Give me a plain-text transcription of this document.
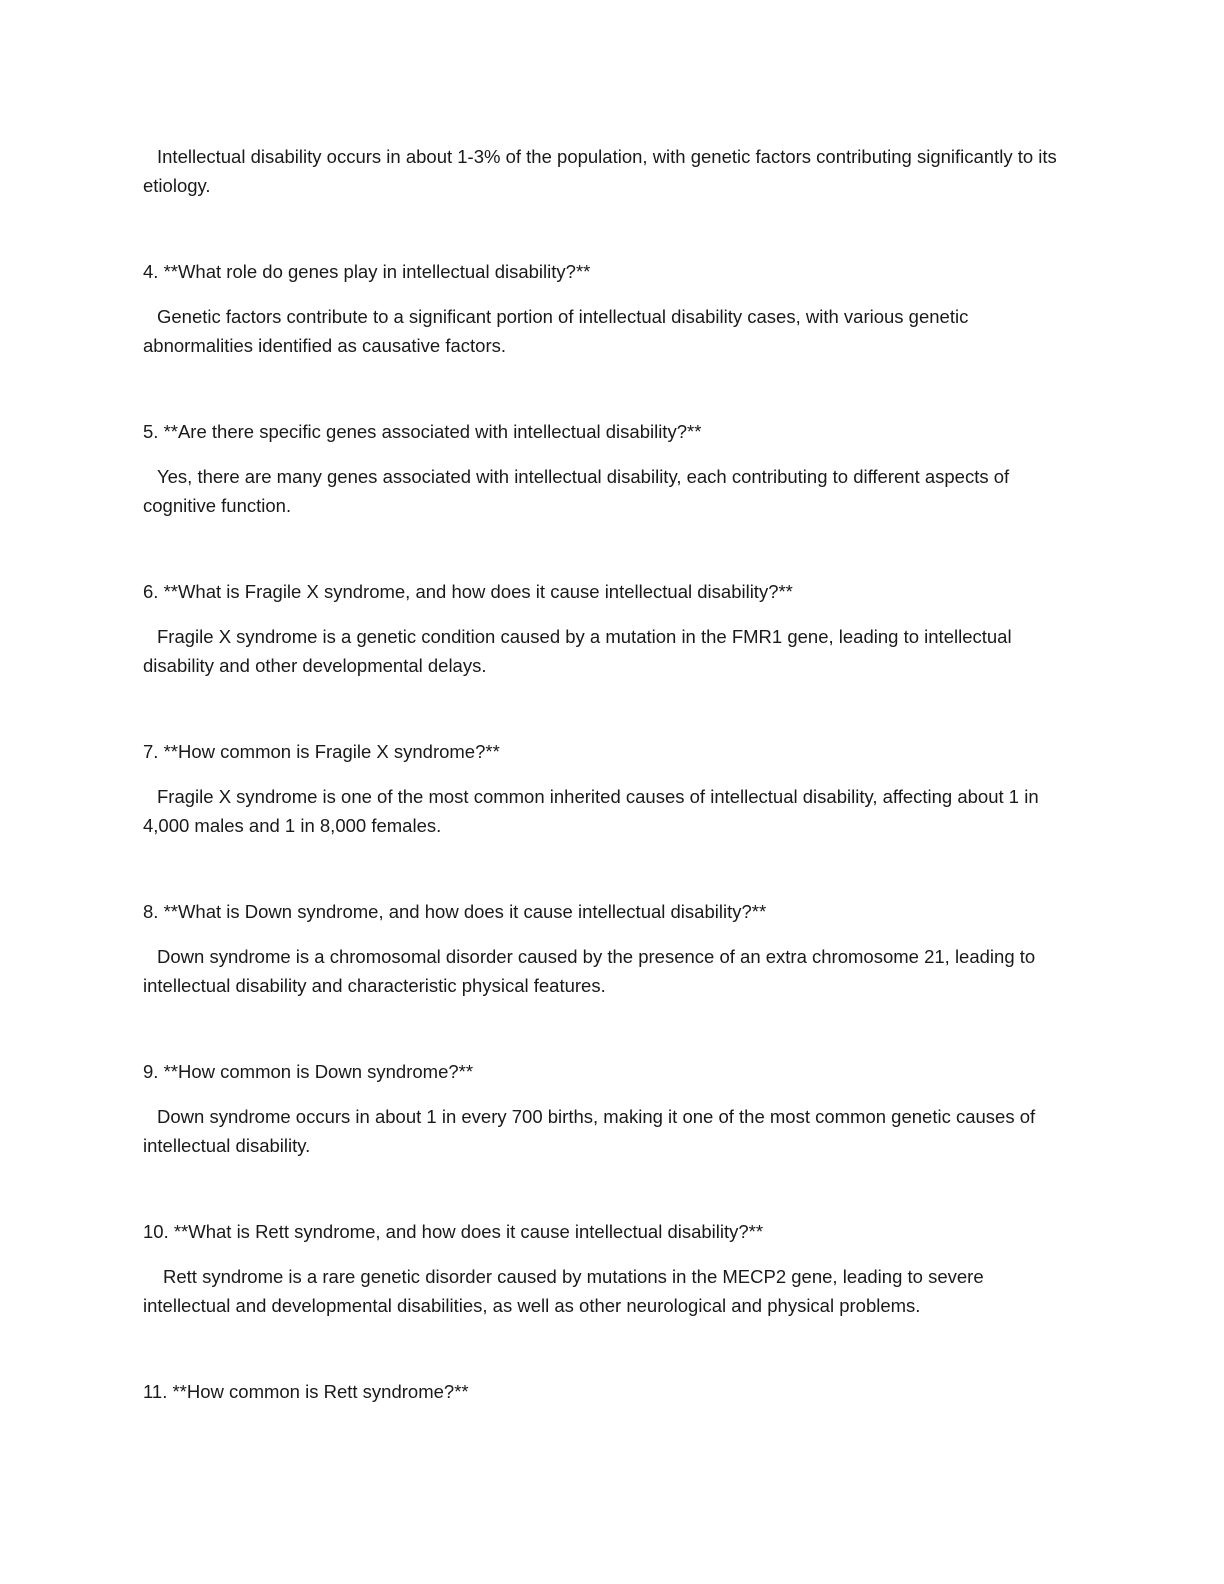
Intellectual disability occurs in about 1-3% of the population, with genetic factors contributing significantly to its etiology.

4. **What role do genes play in intellectual disability?**

Genetic factors contribute to a significant portion of intellectual disability cases, with various genetic abnormalities identified as causative factors.

5. **Are there specific genes associated with intellectual disability?**

Yes, there are many genes associated with intellectual disability, each contributing to different aspects of cognitive function.

6. **What is Fragile X syndrome, and how does it cause intellectual disability?**

Fragile X syndrome is a genetic condition caused by a mutation in the FMR1 gene, leading to intellectual disability and other developmental delays.

7. **How common is Fragile X syndrome?**

Fragile X syndrome is one of the most common inherited causes of intellectual disability, affecting about 1 in 4,000 males and 1 in 8,000 females.

8. **What is Down syndrome, and how does it cause intellectual disability?**

Down syndrome is a chromosomal disorder caused by the presence of an extra chromosome 21, leading to intellectual disability and characteristic physical features.

9. **How common is Down syndrome?**

Down syndrome occurs in about 1 in every 700 births, making it one of the most common genetic causes of intellectual disability.

10. **What is Rett syndrome, and how does it cause intellectual disability?**

Rett syndrome is a rare genetic disorder caused by mutations in the MECP2 gene, leading to severe intellectual and developmental disabilities, as well as other neurological and physical problems.

11. **How common is Rett syndrome?**
